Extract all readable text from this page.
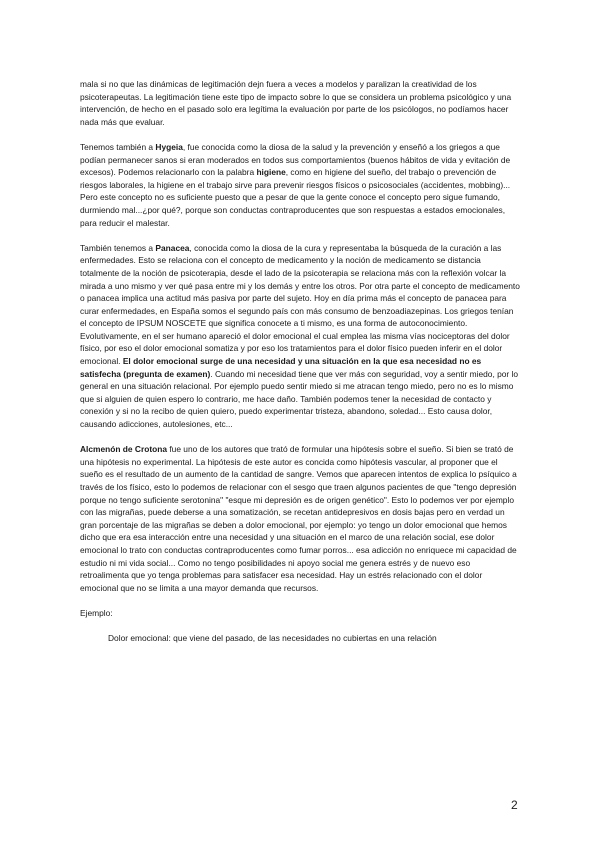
mala si no que las dinámicas de legitimación dejn fuera a veces a modelos y paralizan la creatividad de los psicoterapeutas. La legitimación tiene este tipo de impacto sobre lo que se considera un problema psicológico y una intervención, de hecho en el pasado solo era legítima la evaluación por parte de los psicólogos, no podíamos hacer nada más que evaluar.

Tenemos también a Hygeia, fue conocida como la diosa de la salud y la prevención y enseñó a los griegos a que podían permanecer sanos si eran moderados en todos sus comportamientos (buenos hábitos de vida y evitación de excesos). Podemos relacionarlo con la palabra higiene, como en higiene del sueño, del trabajo o prevención de riesgos laborales, la higiene en el trabajo sirve para prevenir riesgos físicos o psicosociales (accidentes, mobbing)... Pero este concepto no es suficiente puesto que a pesar de que la gente conoce el concepto pero sigue fumando, durmiendo mal...¿por qué?, porque son conductas contraproducentes que son respuestas a estados emocionales, para reducir el malestar.

También tenemos a Panacea, conocida como la diosa de la cura y representaba la búsqueda de la curación a las enfermedades. Esto se relaciona con el concepto de medicamento y la noción de medicamento se distancia totalmente de la noción de psicoterapia, desde el lado de la psicoterapia se relaciona más con la reflexión volcar la mirada a uno mismo y ver qué pasa entre mi y los demás y entre los otros. Por otra parte el concepto de medicamento o panacea implica una actitud más pasiva por parte del sujeto. Hoy en día prima más el concepto de panacea para curar enfermedades, en España somos el segundo país con más consumo de benzoadiazepinas. Los griegos tenían el concepto de IPSUM NOSCETE que significa conocete a ti mismo, es una forma de autoconocimiento. Evolutivamente, en el ser humano apareció el dolor emocional el cual emplea las misma vías nociceptoras del dolor físico, por eso el dolor emocional somatiza y por eso los tratamientos para el dolor físico pueden inferir en el dolor emocional. El dolor emocional surge de una necesidad y una situación en la que esa necesidad no es satisfecha (pregunta de examen). Cuando mi necesidad tiene que ver más con seguridad, voy a sentir miedo, por lo general en una situación relacional. Por ejemplo puedo sentir miedo si me atracan tengo miedo, pero no es lo mismo que si alguien de quien espero lo contrario, me hace daño. También podemos tener la necesidad de contacto y conexión y si no la recibo de quien quiero, puedo experimentar tristeza, abandono, soledad... Esto causa dolor, causando adicciones, autolesiones, etc...

Alcmenón de Crotona fue uno de los autores que trató de formular una hipótesis sobre el sueño. Si bien se trató de una hipótesis no experimental. La hipótesis de este autor es concida como hipótesis vascular, al proponer que el sueño es el resultado de un aumento de la cantidad de sangre. Vemos que aparecen intentos de explica lo psíquico a través de los físico, esto lo podemos de relacionar con el sesgo que traen algunos pacientes de que "tengo depresión porque no tengo suficiente serotonina" "esque mi depresión es de origen genético". Esto lo podemos ver por ejemplo con las migrañas, puede deberse a una somatización, se recetan antidepresivos en dosis bajas pero en verdad un gran porcentaje de las migrañas se deben a dolor emocional, por ejemplo: yo tengo un dolor emocional que hemos dicho que era esa interacción entre una necesidad y una situación en el marco de una relación social, ese dolor emocional lo trato con conductas contraproducentes como fumar porros... esa adicción no enriquece mi capacidad de estudio ni mi vida social... Como no tengo posibilidades ni apoyo social me genera estrés y de nuevo eso retroalimenta que yo tenga problemas para satisfacer esa necesidad. Hay un estrés relacionado con el dolor emocional que no se limita a una mayor demanda que recursos.

Ejemplo:

Dolor emocional: que viene del pasado, de las necesidades no cubiertas en una relación

2
